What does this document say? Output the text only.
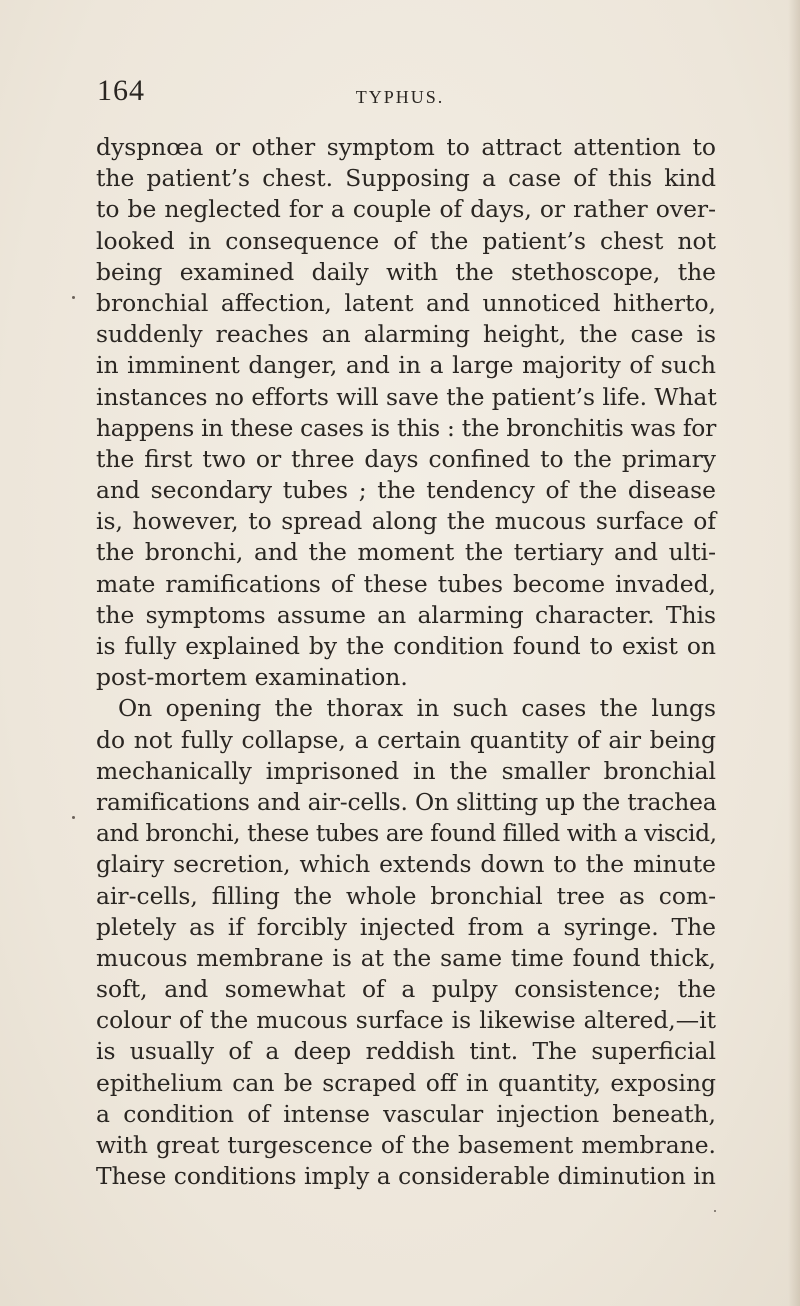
164	TYPHUS.
dyspnœa or other symptom to attract attention to
the patient’s chest. Supposing a case of this kind
to be neglected for a couple of days, or rather over-
looked in consequence of the patient’s chest not
being examined daily with the stethoscope, the
bronchial affection, latent and unnoticed hitherto,
suddenly reaches an alarming height, the case is
in imminent danger, and in a large majority of such
instances no efforts will save the patient’s life. What
happens in these cases is this : the bronchitis was for
the first two or three days confined to the primary
and secondary tubes ; the tendency of the disease
is, however, to spread along the mucous surface of
the bronchi, and the moment the tertiary and ulti-
mate ramifications of these tubes become invaded,
the symptoms assume an alarming character. This
is fully explained by the condition found to exist on
post-mortem examination.
On opening the thorax in such cases the lungs
do not fully collapse, a certain quantity of air being
mechanically imprisoned in the smaller bronchial
ramifications and air-cells. On slitting up the trachea
and bronchi, these tubes are found filled with a viscid,
glairy secretion, which extends down to the minute
air-cells, filling the whole bronchial tree as com-
pletely as if forcibly injected from a syringe. The
mucous membrane is at the same time found thick,
soft, and somewhat of a pulpy consistence; the
colour of the mucous surface is likewise altered,—it
is usually of a deep reddish tint. The superficial
epithelium can be scraped off in quantity, exposing
a condition of intense vascular injection beneath,
with great turgescence of the basement membrane.
These conditions imply a considerable diminution in
